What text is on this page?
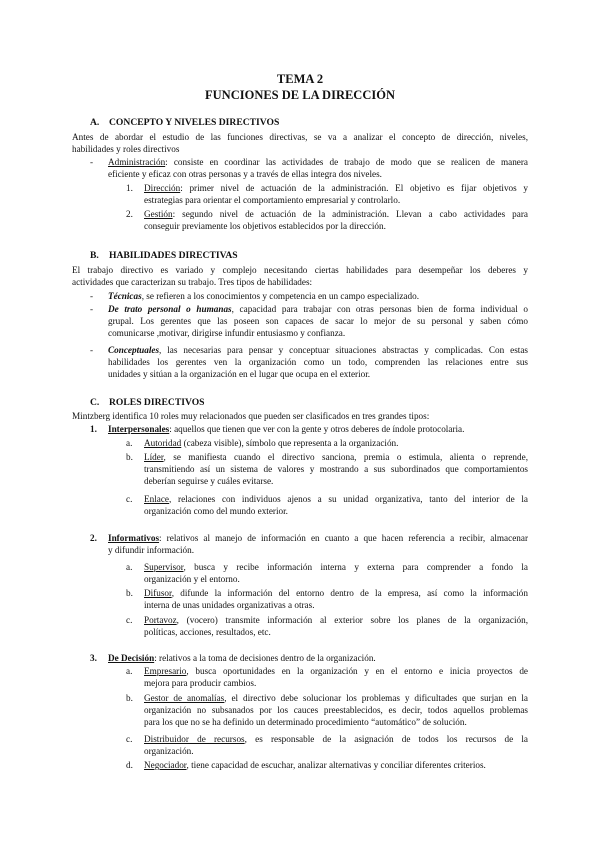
TEMA 2
FUNCIONES DE LA DIRECCIÓN
A. CONCEPTO Y NIVELES DIRECTIVOS
Antes de abordar el estudio de las funciones directivas, se va a analizar el concepto de dirección, niveles,
habilidades y roles directivos
- Administración: consiste en coordinar las actividades de trabajo de modo que se realicen de manera
eficiente y eficaz con otras personas y a través de ellas integra dos niveles.
1. Dirección: primer nivel de actuación de la administración. El objetivo es fijar objetivos y
estrategias para orientar el comportamiento empresarial y controlarlo.
2. Gestión: segundo nivel de actuación de la administración. Llevan a cabo actividades para
conseguir previamente los objetivos establecidos por la dirección.
B. HABILIDADES DIRECTIVAS
El trabajo directivo es variado y complejo necesitando ciertas habilidades para desempeñar los deberes y
actividades que caracterizan su trabajo. Tres tipos de habilidades:
- Técnicas, se refieren a los conocimientos y competencia en un campo especializado.
- De trato personal o humanas, capacidad para trabajar con otras personas bien de forma individual o
grupal. Los gerentes que las poseen son capaces de sacar lo mejor de su personal y saben cómo
comunicarse ,motivar, dirigirse infundir entusiasmo y confianza.
- Conceptuales, las necesarias para pensar y conceptuar situaciones abstractas y complicadas. Con estas
habilidades los gerentes ven la organización como un todo, comprenden las relaciones entre sus
unidades y sitúan a la organización en el lugar que ocupa en el exterior.
C. ROLES DIRECTIVOS
Mintzberg identifica 10 roles muy relacionados que pueden ser clasificados en tres grandes tipos:
1. Interpersonales: aquellos que tienen que ver con la gente y otros deberes de índole protocolaria.
a. Autoridad (cabeza visible), símbolo que representa a la organización.
b. Líder, se manifiesta cuando el directivo sanciona, premia o estimula, alienta o reprende,
transmitiendo así un sistema de valores y mostrando a sus subordinados que comportamientos
deberían seguirse y cuáles evitarse.
c. Enlace, relaciones con individuos ajenos a su unidad organizativa, tanto del interior de la
organización como del mundo exterior.
2. Informativos: relativos al manejo de información en cuanto a que hacen referencia a recibir, almacenar
y difundir información.
a. Supervisor, busca y recibe información interna y externa para comprender a fondo la
organización y el entorno.
b. Difusor, difunde la información del entorno dentro de la empresa, así como la información
interna de unas unidades organizativas a otras.
c. Portavoz, (vocero) transmite información al exterior sobre los planes de la organización,
políticas, acciones, resultados, etc.
3. De Decisión: relativos a la toma de decisiones dentro de la organización.
a. Empresario, busca oportunidades en la organización y en el entorno e inicia proyectos de
mejora para producir cambios.
b. Gestor de anomalías, el directivo debe solucionar los problemas y dificultades que surjan en la
organización no subsanados por los cauces preestablecidos, es decir, todos aquellos problemas
para los que no se ha definido un determinado procedimiento “automático” de solución.
c. Distribuidor de recursos, es responsable de la asignación de todos los recursos de la
organización.
d. Negociador, tiene capacidad de escuchar, analizar alternativas y conciliar diferentes criterios.
